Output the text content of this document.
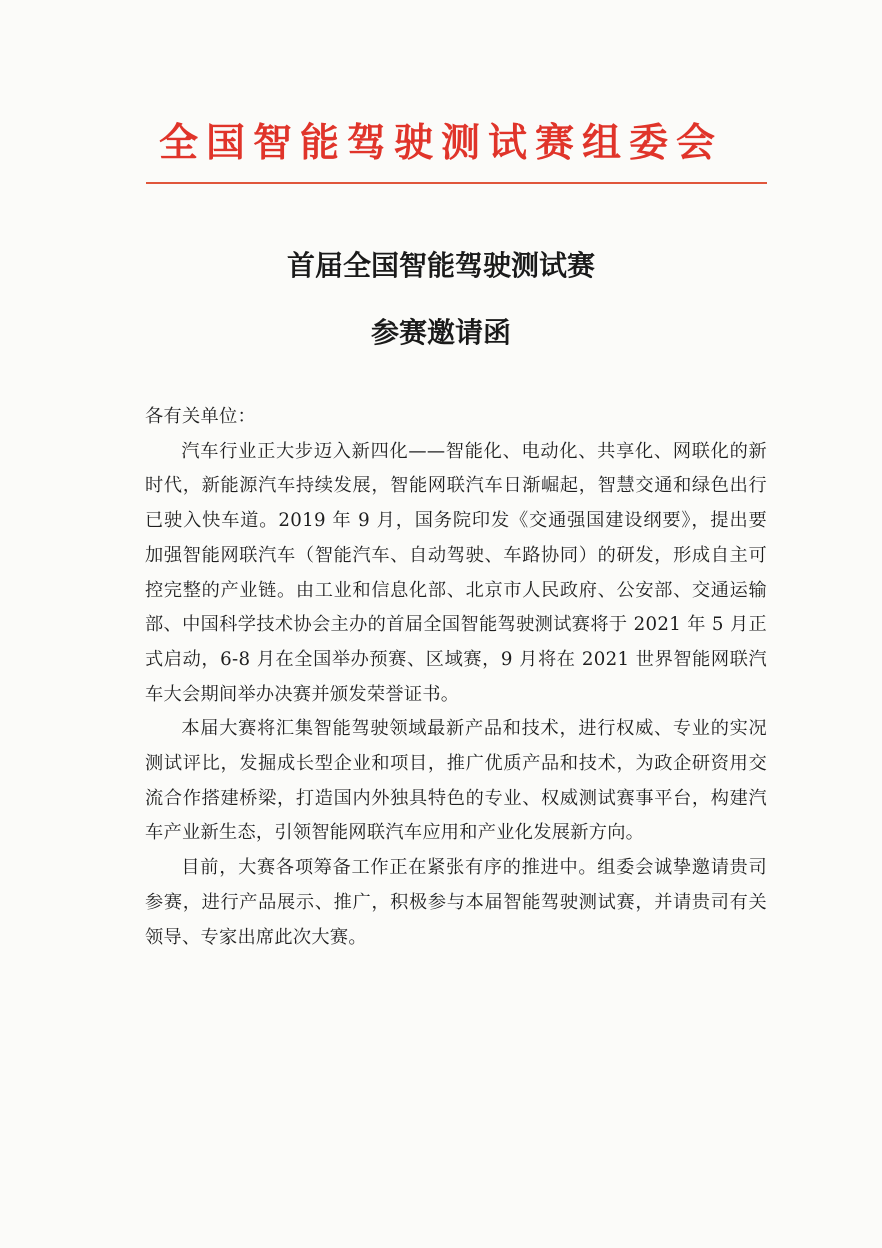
全国智能驾驶测试赛组委会
首届全国智能驾驶测试赛
参赛邀请函

各有关单位：

汽车行业正大步迈入新四化——智能化、电动化、共享化、网联化的新时代，新能源汽车持续发展，智能网联汽车日渐崛起，智慧交通和绿色出行已驶入快车道。2019 年 9 月，国务院印发《交通强国建设纲要》，提出要加强智能网联汽车（智能汽车、自动驾驶、车路协同）的研发，形成自主可控完整的产业链。由工业和信息化部、北京市人民政府、公安部、交通运输部、中国科学技术协会主办的首届全国智能驾驶测试赛将于 2021 年 5 月正式启动，6-8 月在全国举办预赛、区域赛，9 月将在 2021 世界智能网联汽车大会期间举办决赛并颁发荣誉证书。

本届大赛将汇集智能驾驶领域最新产品和技术，进行权威、专业的实况测试评比，发掘成长型企业和项目，推广优质产品和技术，为政企研资用交流合作搭建桥梁，打造国内外独具特色的专业、权威测试赛事平台，构建汽车产业新生态，引领智能网联汽车应用和产业化发展新方向。

目前，大赛各项筹备工作正在紧张有序的推进中。组委会诚挚邀请贵司参赛，进行产品展示、推广，积极参与本届智能驾驶测试赛，并请贵司有关领导、专家出席此次大赛。
